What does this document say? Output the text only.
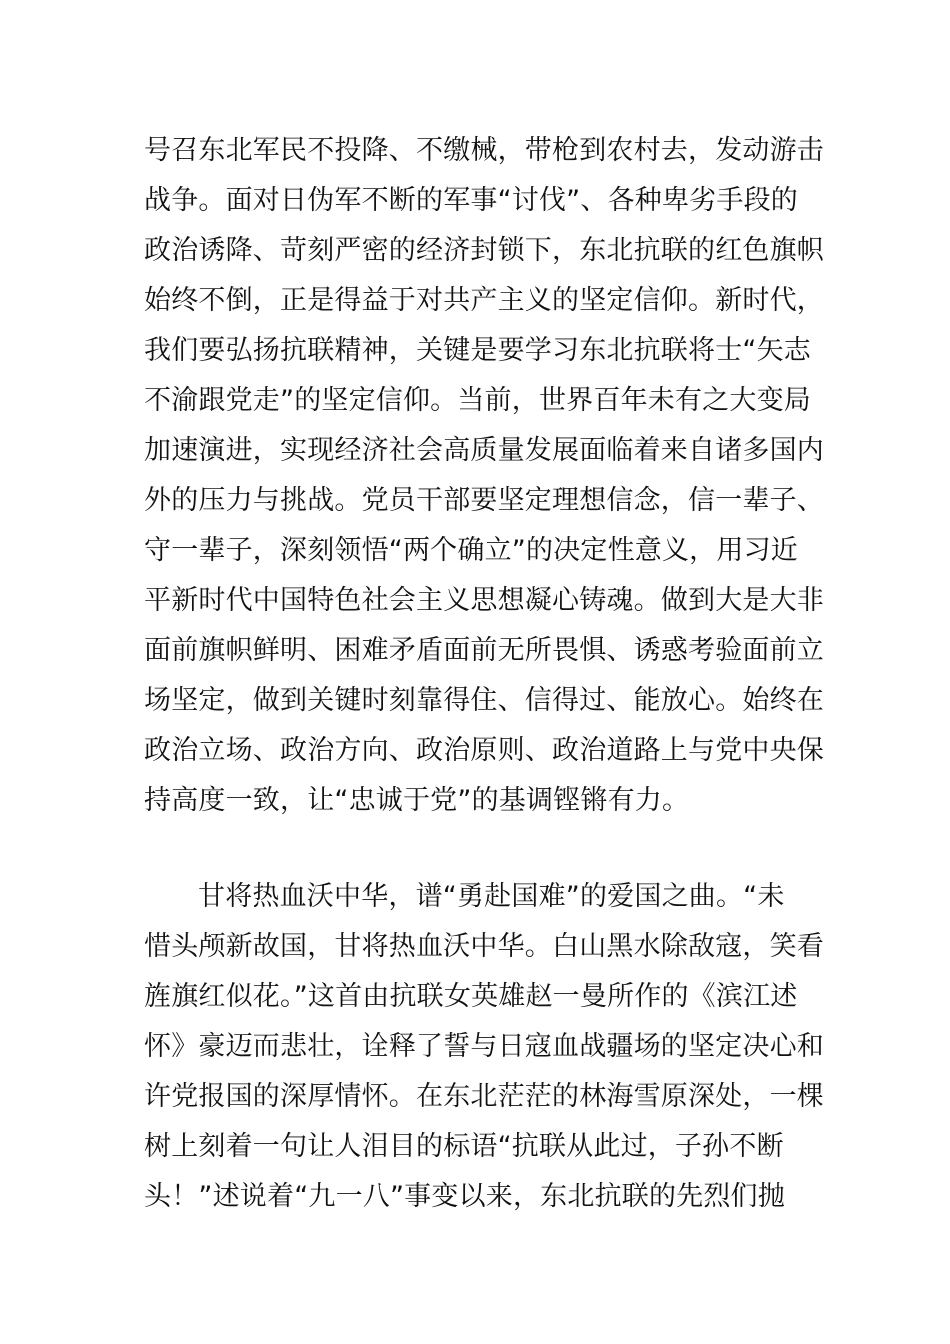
号召东北军民不投降、不缴械，带枪到农村去，发动游击
战争。面对日伪军不断的军事“讨伐”、各种卑劣手段的
政治诱降、苛刻严密的经济封锁下，东北抗联的红色旗帜
始终不倒，正是得益于对共产主义的坚定信仰。新时代，
我们要弘扬抗联精神，关键是要学习东北抗联将士“矢志
不渝跟党走”的坚定信仰。当前，世界百年未有之大变局
加速演进，实现经济社会高质量发展面临着来自诸多国内
外的压力与挑战。党员干部要坚定理想信念，信一辈子、
守一辈子，深刻领悟“两个确立”的决定性意义，用习近
平新时代中国特色社会主义思想凝心铸魂。做到大是大非
面前旗帜鲜明、困难矛盾面前无所畏惧、诱惑考验面前立
场坚定，做到关键时刻靠得住、信得过、能放心。始终在
政治立场、政治方向、政治原则、政治道路上与党中央保
持高度一致，让“忠诚于党”的基调铿锵有力。
甘将热血沃中华，谱“勇赴国难”的爱国之曲。“未
惜头颅新故国，甘将热血沃中华。白山黑水除敌寇，笑看
旌旗红似花。”这首由抗联女英雄赵一曼所作的《滨江述
怀》豪迈而悲壮，诠释了誓与日寇血战疆场的坚定决心和
许党报国的深厚情怀。在东北茫茫的林海雪原深处，一棵
树上刻着一句让人泪目的标语“抗联从此过，子孙不断
头！”述说着“九一八”事变以来，东北抗联的先烈们抛
